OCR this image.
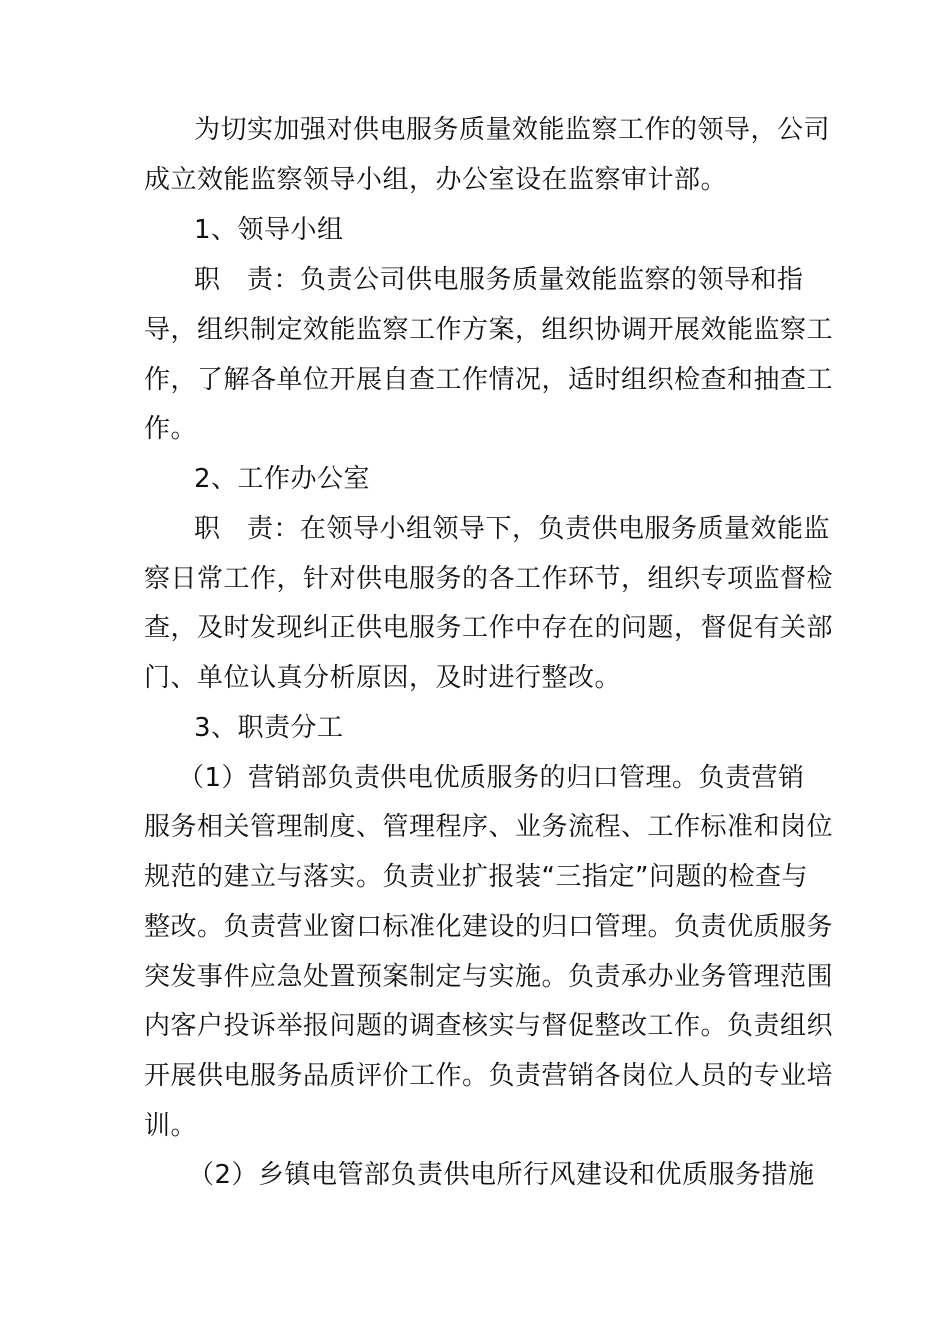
为切实加强对供电服务质量效能监察工作的领导，公司
成立效能监察领导小组，办公室设在监察审计部。
1、领导小组
职　责：负责公司供电服务质量效能监察的领导和指
导，组织制定效能监察工作方案，组织协调开展效能监察工
作，了解各单位开展自查工作情况，适时组织检查和抽查工
作。
2、工作办公室
职　责：在领导小组领导下，负责供电服务质量效能监
察日常工作，针对供电服务的各工作环节，组织专项监督检
查，及时发现纠正供电服务工作中存在的问题，督促有关部
门、单位认真分析原因，及时进行整改。
3、职责分工
（1）营销部负责供电优质服务的归口管理。负责营销
服务相关管理制度、管理程序、业务流程、工作标准和岗位
规范的建立与落实。负责业扩报装“三指定”问题的检查与
整改。负责营业窗口标准化建设的归口管理。负责优质服务
突发事件应急处置预案制定与实施。负责承办业务管理范围
内客户投诉举报问题的调查核实与督促整改工作。负责组织
开展供电服务品质评价工作。负责营销各岗位人员的专业培
训。
（2）乡镇电管部负责供电所行风建设和优质服务措施
